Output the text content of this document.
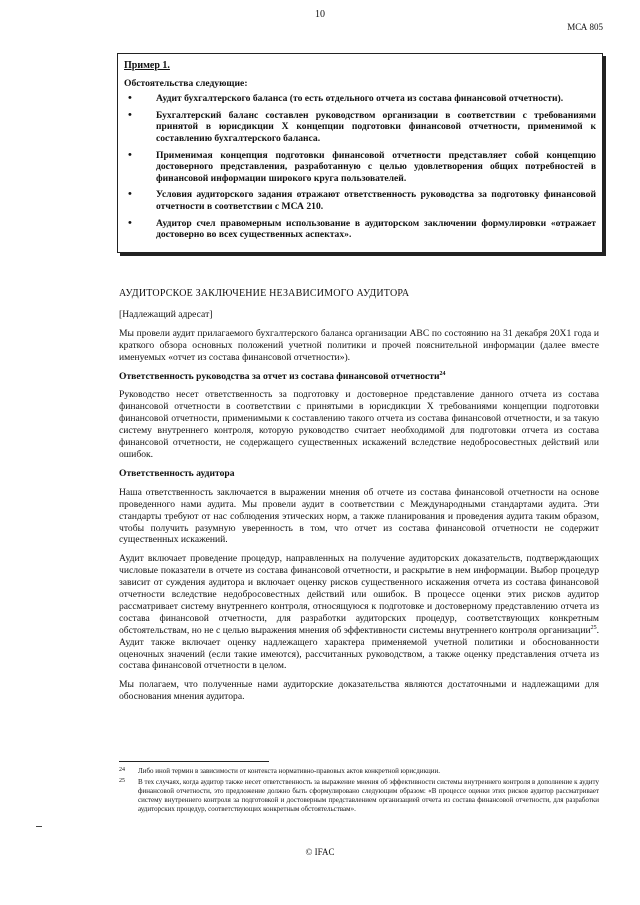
10
МСА 805

Пример 1.

Обстоятельства следующие:

• Аудит бухгалтерского баланса (то есть отдельного отчета из состава финансовой отчетности).
• Бухгалтерский баланс составлен руководством организации в соответствии с требованиями принятой в юрисдикции X концепции подготовки финансовой отчетности, применимой к составлению бухгалтерского баланса.
• Применимая концепция подготовки финансовой отчетности представляет собой концепцию достоверного представления, разработанную с целью удовлетворения общих потребностей в финансовой информации широкого круга пользователей.
• Условия аудиторского задания отражают ответственность руководства за подготовку финансовой отчетности в соответствии с МСА 210.
• Аудитор счел правомерным использование в аудиторском заключении формулировки «отражает достоверно во всех существенных аспектах».

АУДИТОРСКОЕ ЗАКЛЮЧЕНИЕ НЕЗАВИСИМОГО АУДИТОРА

[Надлежащий адресат]

Мы провели аудит прилагаемого бухгалтерского баланса организации ABC по состоянию на 31 декабря 20X1 года и краткого обзора основных положений учетной политики и прочей пояснительной информации (далее вместе именуемых «отчет из состава финансовой отчетности»).

Ответственность руководства за отчет из состава финансовой отчетности$^{24}$

Руководство несет ответственность за подготовку и достоверное представление данного отчета из состава финансовой отчетности в соответствии с принятыми в юрисдикции X требованиями концепции подготовки финансовой отчетности, применимыми к составлению такого отчета из состава финансовой отчетности, и за такую систему внутреннего контроля, которую руководство считает необходимой для подготовки отчета из состава финансовой отчетности, не содержащего существенных искажений вследствие недобросовестных действий или ошибок.

Ответственность аудитора

Наша ответственность заключается в выражении мнения об отчете из состава финансовой отчетности на основе проведенного нами аудита. Мы провели аудит в соответствии с Международными стандартами аудита. Эти стандарты требуют от нас соблюдения этических норм, а также планирования и проведения аудита таким образом, чтобы получить разумную уверенность в том, что отчет из состава финансовой отчетности не содержит существенных искажений.

Аудит включает проведение процедур, направленных на получение аудиторских доказательств, подтверждающих числовые показатели в отчете из состава финансовой отчетности, и раскрытие в нем информации. Выбор процедур зависит от суждения аудитора и включает оценку рисков существенного искажения отчета из состава финансовой отчетности вследствие недобросовестных действий или ошибок. В процессе оценки этих рисков аудитор рассматривает систему внутреннего контроля, относящуюся к подготовке и достоверному представлению отчета из состава финансовой отчетности, для разработки аудиторских процедур, соответствующих конкретным обстоятельствам, но не с целью выражения мнения об эффективности системы внутреннего контроля организации$^{25}$. Аудит также включает оценку надлежащего характера применяемой учетной политики и обоснованности оценочных значений (если такие имеются), рассчитанных руководством, а также оценку представления отчета из состава финансовой отчетности в целом.

Мы полагаем, что полученные нами аудиторские доказательства являются достаточными и надлежащими для обоснования мнения аудитора.

24 Либо иной термин в зависимости от контекста нормативно-правовых актов конкретной юрисдикции.
25 В тех случаях, когда аудитор также несет ответственность за выражение мнения об эффективности системы внутреннего контроля в дополнение к аудиту финансовой отчетности, это предложение должно быть сформулировано следующим образом: «В процессе оценки этих рисков аудитор рассматривает систему внутреннего контроля за подготовкой и достоверным представлением организацией отчета из состава финансовой отчетности, для разработки аудиторских процедур, соответствующих конкретным обстоятельствам».
© IFAC
